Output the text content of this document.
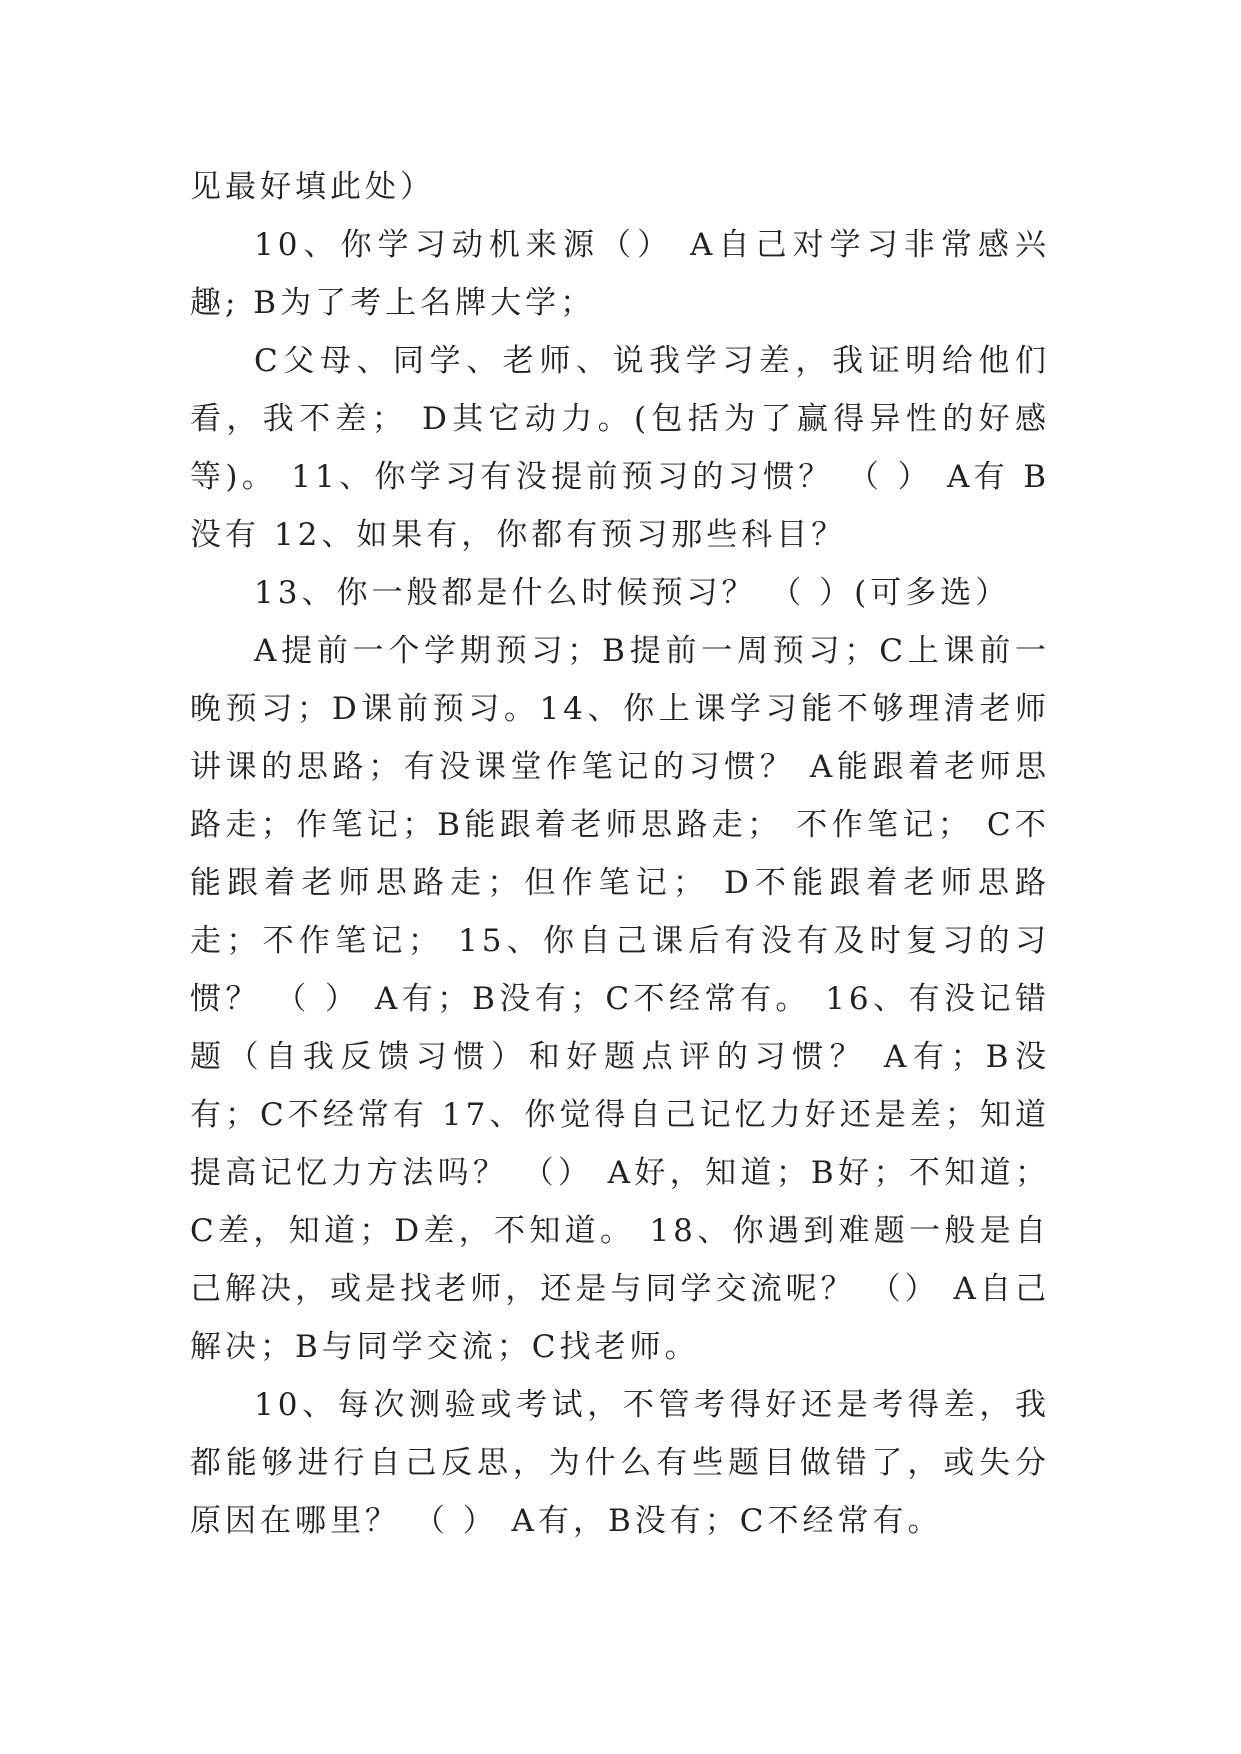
见最好填此处）

10、你学习动机来源（） A自己对学习非常感兴趣; B为了考上名牌大学；

C父母、同学、老师、说我学习差，我证明给他们看，我不差； D其它动力。(包括为了赢得异性的好感等)。 11、你学习有没提前预习的习惯？ （ ） A有 B没有 12、如果有，你都有预习那些科目？

13、你一般都是什么时候预习？ （ ）(可多选）

A提前一个学期预习；B提前一周预习；C上课前一晚预习；D课前预习。14、你上课学习能不够理清老师讲课的思路；有没课堂作笔记的习惯？ A能跟着老师思路走；作笔记；B能跟着老师思路走； 不作笔记； C不能跟着老师思路走；但作笔记； D不能跟着老师思路走；不作笔记； 15、你自己课后有没有及时复习的习惯？ （ ） A有；B没有；C不经常有。 16、有没记错题（自我反馈习惯）和好题点评的习惯？ A有；B没有；C不经常有 17、你觉得自己记忆力好还是差；知道提高记忆力方法吗？ （） A好，知道；B好；不知道；C差，知道；D差，不知道。 18、你遇到难题一般是自己解决，或是找老师，还是与同学交流呢？ （） A自己解决；B与同学交流；C找老师。

10、每次测验或考试，不管考得好还是考得差，我都能够进行自己反思，为什么有些题目做错了，或失分原因在哪里？ （ ） A有，B没有；C不经常有。
